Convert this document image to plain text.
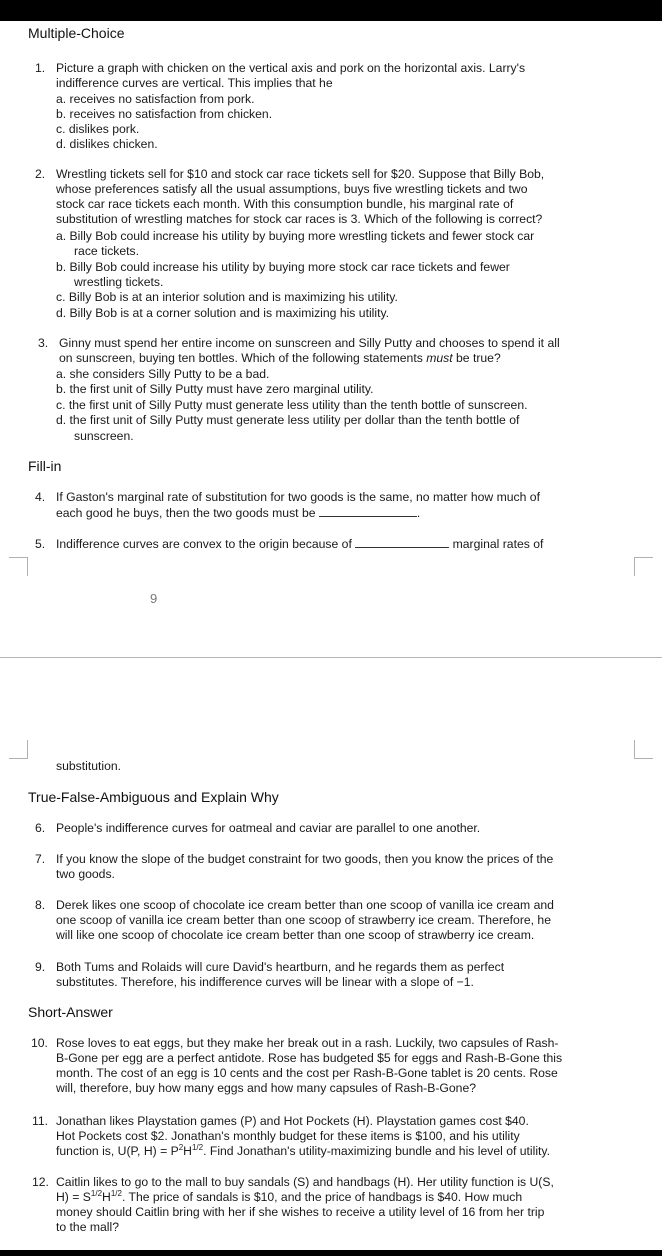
Multiple-Choice
1. Picture a graph with chicken on the vertical axis and pork on the horizontal axis. Larry's
indifference curves are vertical. This implies that he
a. receives no satisfaction from pork.
b. receives no satisfaction from chicken.
c. dislikes pork.
d. dislikes chicken.
2. Wrestling tickets sell for $10 and stock car race tickets sell for $20. Suppose that Billy Bob,
whose preferences satisfy all the usual assumptions, buys five wrestling tickets and two
stock car race tickets each month. With this consumption bundle, his marginal rate of
substitution of wrestling matches for stock car races is 3. Which of the following is correct?
a. Billy Bob could increase his utility by buying more wrestling tickets and fewer stock car
race tickets.
b. Billy Bob could increase his utility by buying more stock car race tickets and fewer
wrestling tickets.
c. Billy Bob is at an interior solution and is maximizing his utility.
d. Billy Bob is at a corner solution and is maximizing his utility.
3. Ginny must spend her entire income on sunscreen and Silly Putty and chooses to spend it all
on sunscreen, buying ten bottles. Which of the following statements must be true?
a. she considers Silly Putty to be a bad.
b. the first unit of Silly Putty must have zero marginal utility.
c. the first unit of Silly Putty must generate less utility than the tenth bottle of sunscreen.
d. the first unit of Silly Putty must generate less utility per dollar than the tenth bottle of
sunscreen.
Fill-in
4. If Gaston's marginal rate of substitution for two goods is the same, no matter how much of
each good he buys, then the two goods must be	.
5. Indifference curves are convex to the origin because of	marginal rates of
9
substitution.
True-False-Ambiguous and Explain Why
6. People's indifference curves for oatmeal and caviar are parallel to one another.
7. If you know the slope of the budget constraint for two goods, then you know the prices of the
two goods.
8. Derek likes one scoop of chocolate ice cream better than one scoop of vanilla ice cream and
one scoop of vanilla ice cream better than one scoop of strawberry ice cream. Therefore, he
will like one scoop of chocolate ice cream better than one scoop of strawberry ice cream.
9. Both Tums and Rolaids will cure David's heartburn, and he regards them as perfect
substitutes. Therefore, his indifference curves will be linear with a slope of −1.
Short-Answer
10. Rose loves to eat eggs, but they make her break out in a rash. Luckily, two capsules of Rash-
B-Gone per egg are a perfect antidote. Rose has budgeted $5 for eggs and Rash-B-Gone this
month. The cost of an egg is 10 cents and the cost per Rash-B-Gone tablet is 20 cents. Rose
will, therefore, buy how many eggs and how many capsules of Rash-B-Gone?
11. Jonathan likes Playstation games (P) and Hot Pockets (H). Playstation games cost $40.
Hot Pockets cost $2. Jonathan's monthly budget for these items is $100, and his utility
function is, U(P, $H) = P^2H^{1/2}$. Find Jonathan's utility-maximizing bundle and his level of utility.
12. Caitlin likes to go to the mall to buy sandals (S) and handbags (H). Her utility function is U(S,
$H) = S^{1/2}H^{1/2}$. The price of sandals is $10, and the price of handbags is $40. How much
money should Caitlin bring with her if she wishes to receive a utility level of 16 from her trip
to the mall?
